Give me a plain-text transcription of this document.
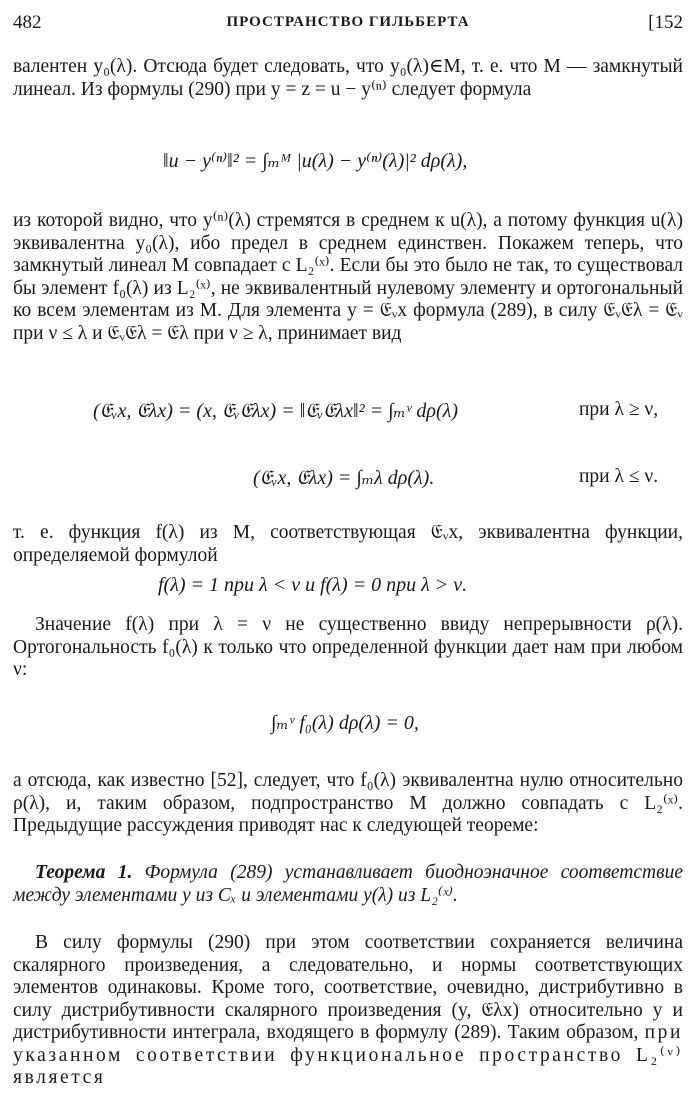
482	ПРОСТРАНСТВО ГИЛЬБЕРТА	[152

валентен y₀(λ). Отсюда будет следовать, что y₀(λ)∈M, т. е. что M — замкнутый линеал. Из формулы (290) при y = z = u − y⁽ⁿ⁾ следует формула

‖u − y⁽ⁿ⁾‖² = ∫ₘᴹ |u(λ) − y⁽ⁿ⁾(λ)|² dρ(λ),

из которой видно, что y⁽ⁿ⁾(λ) стремятся в среднем к u(λ), а потому функция u(λ) эквивалентна y₀(λ), ибо предел в среднем единствен. Покажем теперь, что замкнутый линеал M совпадает с L₂⁽ˣ⁾. Если бы это было не так, то существовал бы элемент f₀(λ) из L₂⁽ˣ⁾, не эквивалентный нулевому элементу и ортогональный ко всем элементам из M. Для элемента y = 𝔈ᵥx формула (289), в силу 𝔈ᵥ𝔈λ = 𝔈ᵥ при ν ≤ λ и 𝔈ᵥ𝔈λ = 𝔈λ при ν ≥ λ, принимает вид

(𝔈ᵥx, 𝔈λx) = (x, 𝔈ᵥ𝔈λx) = ‖𝔈ᵥ𝔈λx‖² = ∫ₘᵛ dρ(λ)	при λ ≥ ν,
(𝔈ᵥx, 𝔈λx) = ∫ₘλ dρ(λ).	при λ ≤ ν.

т. е. функция f(λ) из M, соответствующая 𝔈ᵥx, эквивалентна функции, определяемой формулой

f(λ) = 1 при λ < ν и f(λ) = 0 при λ > ν.

Значение f(λ) при λ = ν не существенно ввиду непрерывности ρ(λ). Ортогональность f₀(λ) к только что определенной функции дает нам при любом ν:

∫ₘᵛ f₀(λ) dρ(λ) = 0,

а отсюда, как известно [52], следует, что f₀(λ) эквивалентна нулю относительно ρ(λ), и, таким образом, подпространство M должно совпадать с L₂⁽ˣ⁾. Предыдущие рассуждения приводят нас к следующей теореме:

Теорема 1. Формула (289) устанавливает биодноэначное соответствие между элементами y из Cₓ и элементами y(λ) из L₂⁽ˣ⁾.

В силу формулы (290) при этом соответствии сохраняется величина скалярного произведения, а следовательно, и нормы соответствующих элементов одинаковы. Кроме того, соответствие, очевидно, дистрибутивно в силу дистрибутивности скалярного произведения (y, 𝔈λx) относительно y и дистрибутивности интеграла, входящего в формулу (289). Таким образом, при указанном соответствии функциональное пространство L₂⁽ᵛ⁾ является
